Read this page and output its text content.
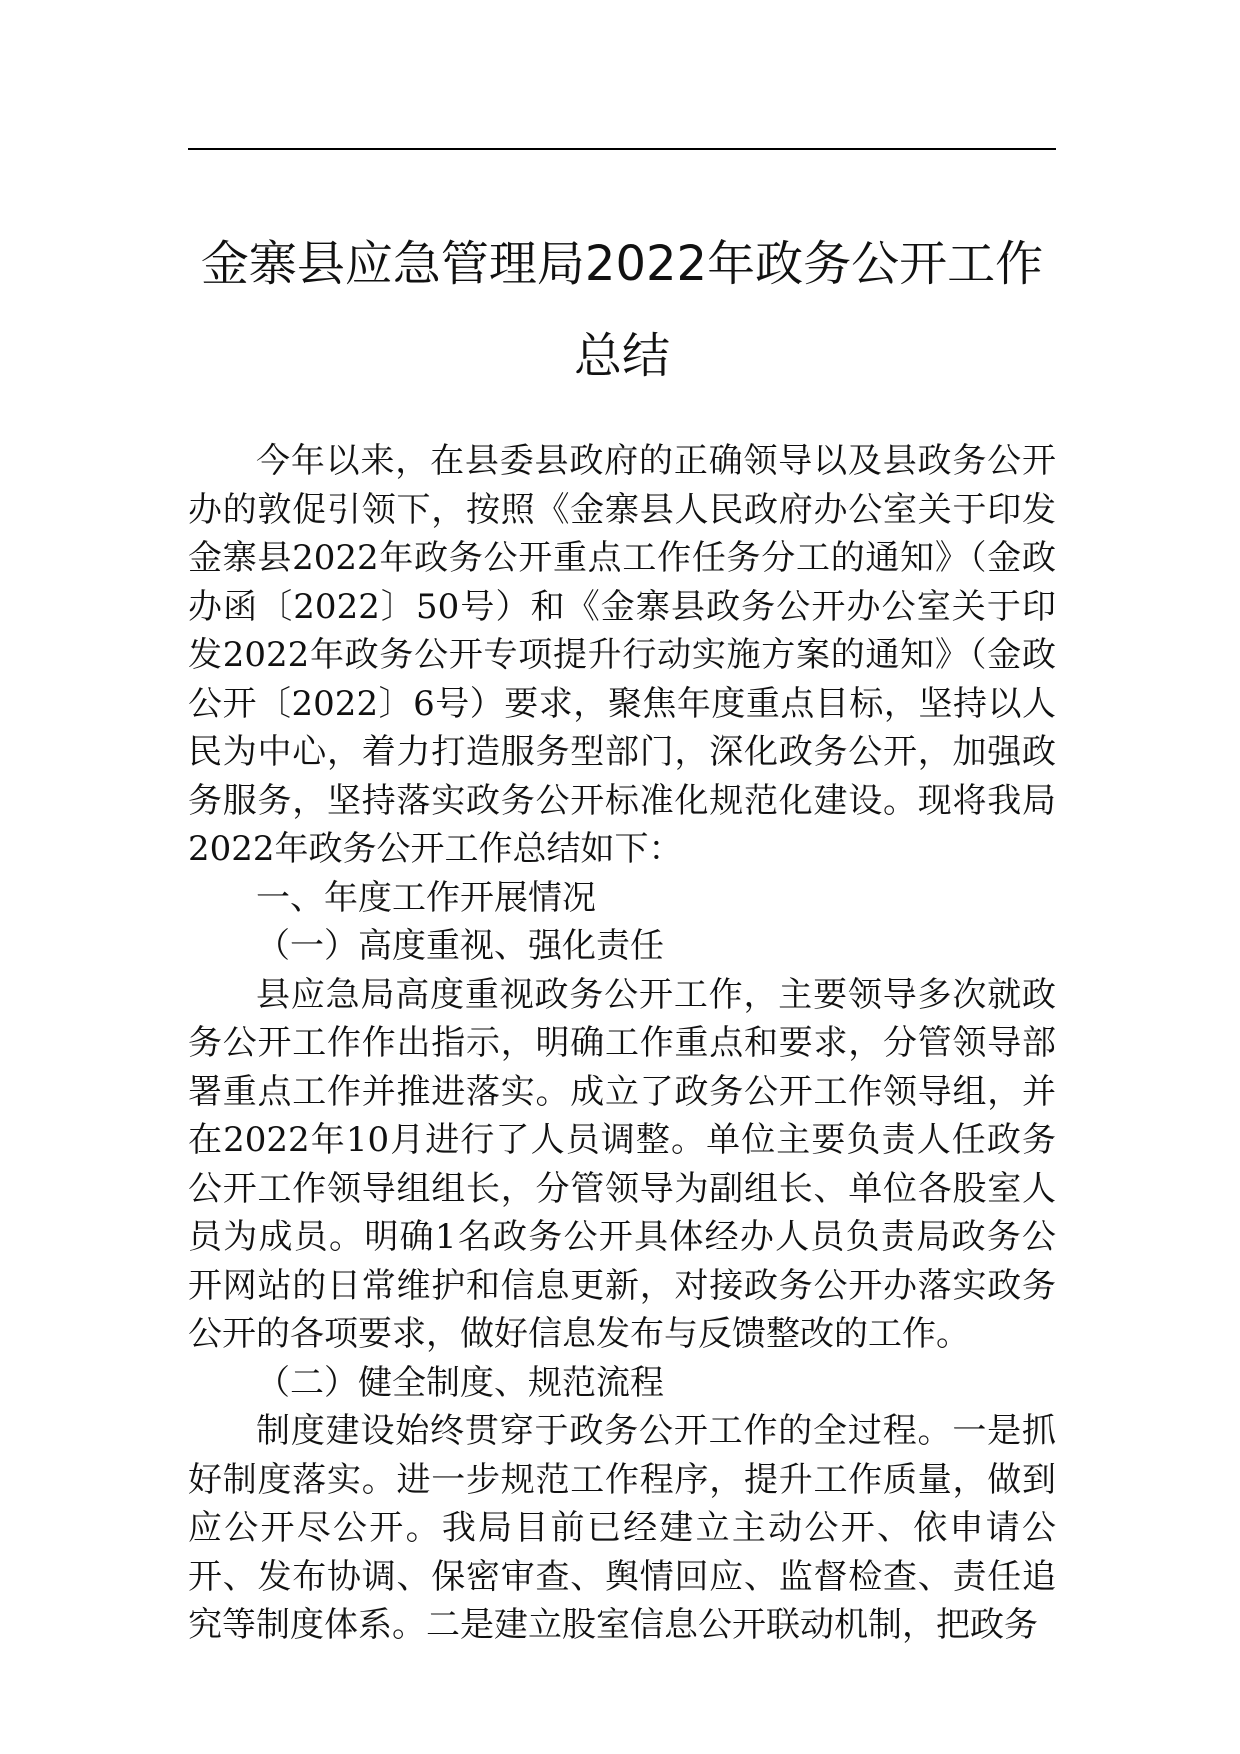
金寨县应急管理局2022年政务公开工作总结

今年以来，在县委县政府的正确领导以及县政务公开办的敦促引领下，按照《金寨县人民政府办公室关于印发金寨县2022年政务公开重点工作任务分工的通知》（金政办函〔2022〕50号）和《金寨县政务公开办公室关于印发2022年政务公开专项提升行动实施方案的通知》（金政公开〔2022〕6号）要求，聚焦年度重点目标，坚持以人民为中心，着力打造服务型部门，深化政务公开，加强政务服务，坚持落实政务公开标准化规范化建设。现将我局2022年政务公开工作总结如下：

一、年度工作开展情况

（一）高度重视、强化责任

县应急局高度重视政务公开工作，主要领导多次就政务公开工作作出指示，明确工作重点和要求，分管领导部署重点工作并推进落实。成立了政务公开工作领导组，并在2022年10月进行了人员调整。单位主要负责人任政务公开工作领导组组长，分管领导为副组长、单位各股室人员为成员。明确1名政务公开具体经办人员负责局政务公开网站的日常维护和信息更新，对接政务公开办落实政务公开的各项要求，做好信息发布与反馈整改的工作。

（二）健全制度、规范流程

制度建设始终贯穿于政务公开工作的全过程。一是抓好制度落实。进一步规范工作程序，提升工作质量，做到应公开尽公开。我局目前已经建立主动公开、依申请公开、发布协调、保密审查、舆情回应、监督检查、责任追究等制度体系。二是建立股室信息公开联动机制，把政务
